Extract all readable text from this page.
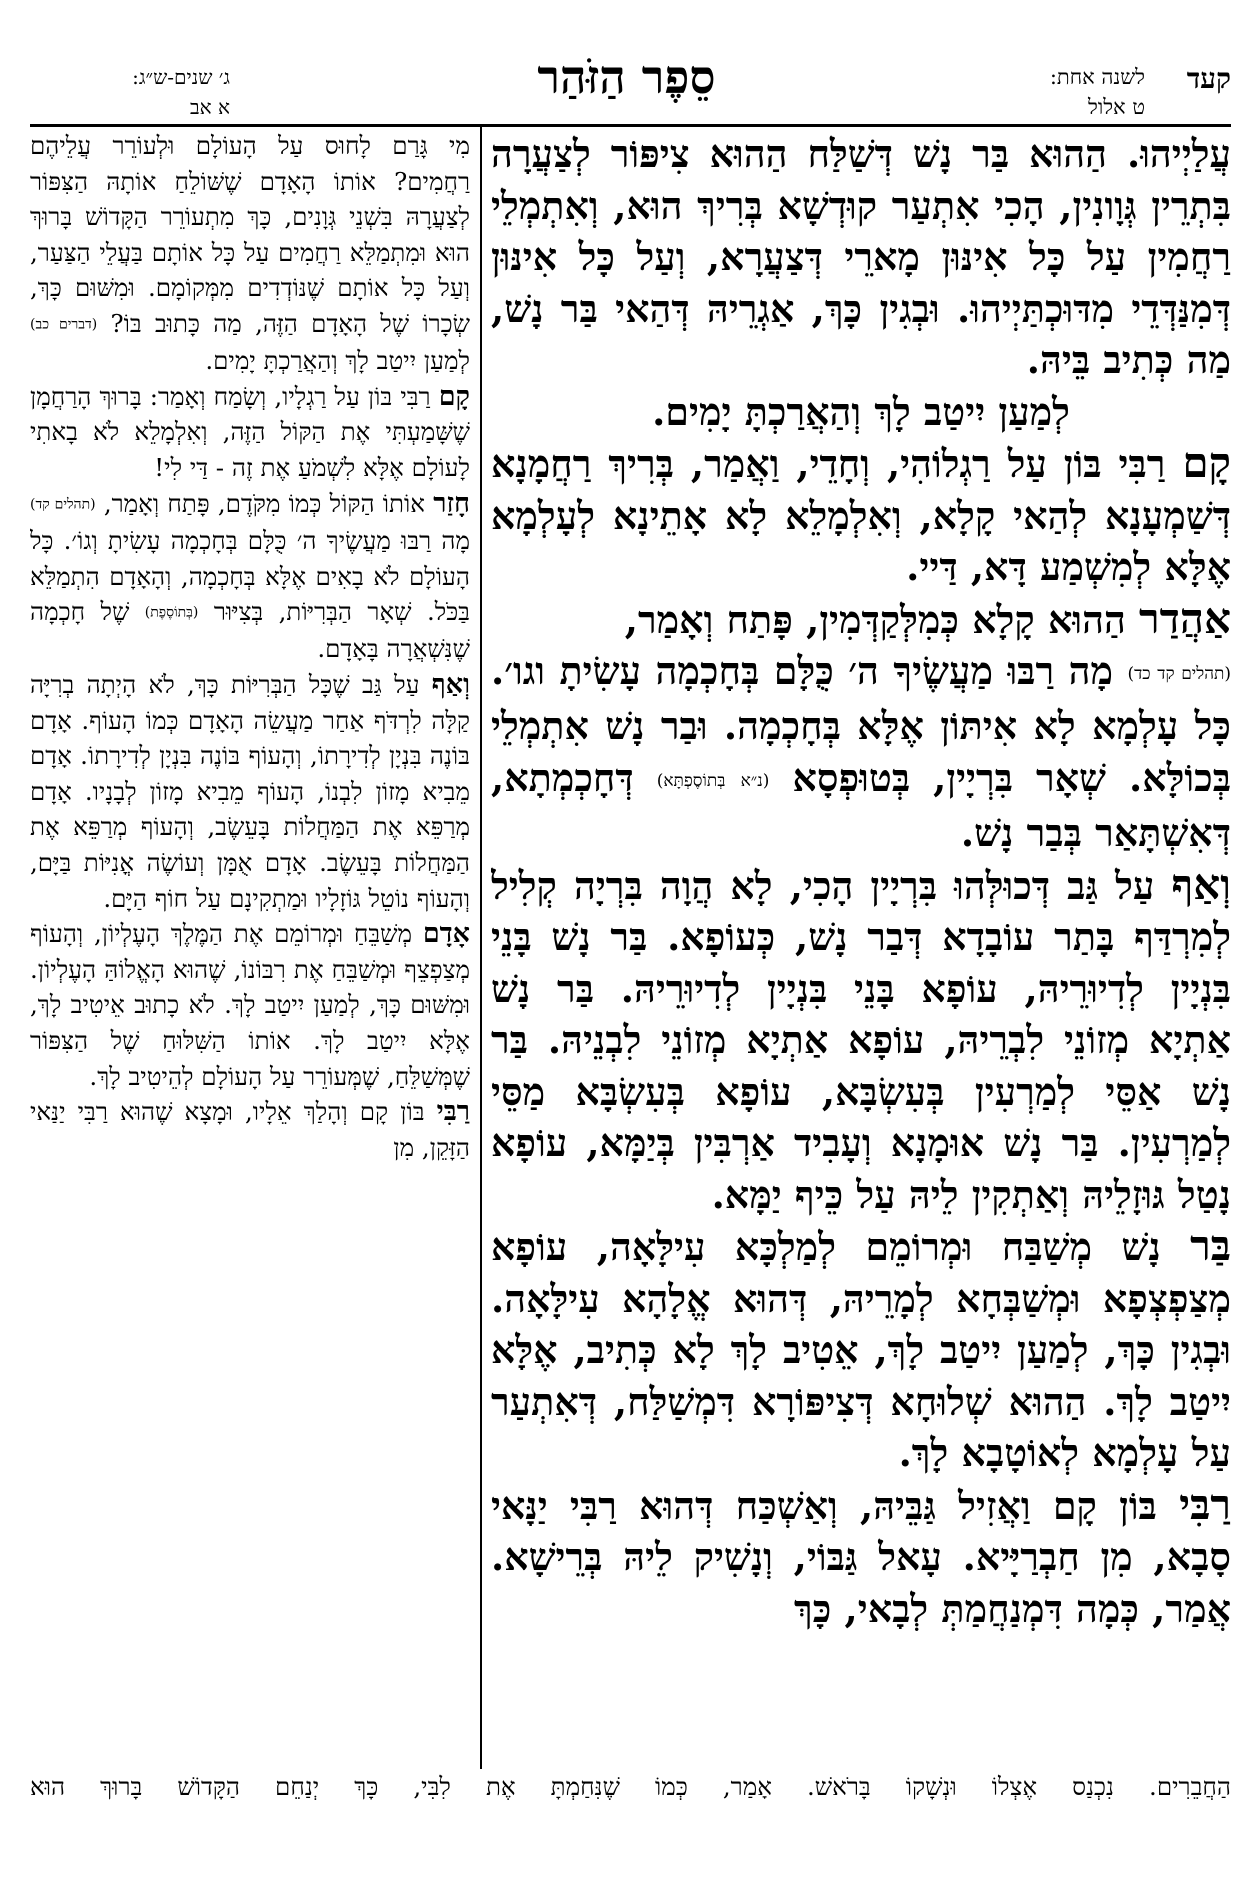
קעד
לשנה אחת:
ט אלול
סֵפֶר הַזֹּהַר
ג׳ שנים-ש״ג:
א אב

עֲלַיְיהוּ. הַהוּא בַּר נָשׁ דְּשַׁלַּח הַהוּא צִיפּוֹר לְצַעֲרָה בִּתְרֵין גְּוָונִין, הָכִי אִתְעַר קוּדְשָׁא בְּרִיךְ הוּא, וְאִתְמְלֵי רַחֲמִין עַל כָּל אִינּוּן מָארֵי דְּצַעֲרָא, וְעַל כָּל אִינּוּן דְּמִנַּדְּדֵי מִדּוּכְתַּיְיהוּ. וּבְגִין כָּךְ, אַגְרֵיהּ דְּהַאי בַּר נָשׁ, מַה כְּתִיב בֵּיהּ.

לְמַעַן יִיטַב לָךְ וְהַאֲרַכְתָּ יָמִים.

קָם רַבִּי בּוֹן עַל רַגְלוֹהִי, וְחָדֵי, וַאֲמַר, בְּרִיךְ רַחֲמָנָא דְּשַׁמְעָנָא לְהַאי קָלָא, וְאִלְמָלֵא לָא אָתֵינָא לְעָלְמָא אֶלָּא לְמִשְׁמַע דָּא, דַּיי.

אַהֲדַר הַהוּא קָלָא כְּמִלְּקַדְּמִין, פָּתַח וְאָמַר,
(תהלים קד כד) מָה רַבּוּ מַעֲשֶׂיךָ ה׳ כֻּלָּם בְּחָכְמָה עָשִׂיתָ וגו׳. כָּל עָלְמָא לָא אִיתּוֹן אֶלָּא בְּחָכְמָה. וּבַר נָשׁ אִתְמְלֵי בְּכוֹלָּא. שְׁאָר בִּרְיָין, בְּטוּפְסָא (נ״א בְּתוֹסֶפְתָּא) דְּחָכְמְתָא, דְּאִשְׁתָּאַר בְּבַר נָשׁ.

וְאַף עַל גַּב דְּכוּלְּהוּ בִּרְיָין הָכִי, לָא הֲוָה בִּרְיָה קְלִיל לְמִרְדַּף בָּתַר עוֹבָדָא דְּבַר נָשׁ, כְּעוֹפָא. בַּר נָשׁ בָּנֵי בִּנְיָין לְדִיוּרֵיהּ, עוֹפָא בָּנֵי בִּנְיָין לְדִיוּרֵיהּ. בַּר נָשׁ אַתְיָא מְזוֹנֵי לִבְרֵיהּ, עוֹפָא אַתְיָא מְזוֹנֵי לִבְנֵיהּ. בַּר נָשׁ אַסֵּי לְמַרְעִין בְּעִשְׂבָּא, עוֹפָא בְּעִשְׂבָּא מַסֵּי לְמַרְעִין. בַּר נָשׁ אוּמָנָא וְעָבִיד אַרְבִּין בְּיַמָּא, עוֹפָא נָטַל גּוּזָלֵיהּ וְאַתְקִין לֵיהּ עַל כֵּיף יַמָּא.

בַּר נָשׁ מְשַׁבַּח וּמְרוֹמֵם לְמַלְכָּא עִילָּאָה, עוֹפָא מְצַפְצְפָא וּמְשַׁבְּחָא לְמָרֵיהּ, דְּהוּא אֱלָהָא עִילָּאָה. וּבְגִין כָּךְ, לְמַעַן יִיטַב לָךְ, אֵטִיב לָךְ לָא כְּתִיב, אֶלָּא יִיטַב לָךְ. הַהוּא שְׁלוּחָא דְּצִיפּוֹרָא דִּמְשַׁלַּח, דְּאִתְעַר עַל עָלְמָא לְאוֹטָבָא לָךְ.

רַבִּי בּוֹן קָם וַאֲזִיל גַּבֵּיהּ, וְאַשְׁכַּח דְּהוּא רַבִּי יַנָּאי סָבָא, מִן חַבְרַיָּיא. עָאל גַּבּוֹי, וְנָשִׁיק לֵיהּ בְּרֵישָׁא. אֲמַר, כְּמָה דִּמְנַחֲמַתְּ לְבָאי, כָּךְ

מִי גָּרַם לָחוּס עַל הָעוֹלָם וּלְעוֹרֵר עֲלֵיהֶם רַחֲמִים? אוֹתוֹ הָאָדָם שֶׁשּׁוֹלֵחַ אוֹתָהּ הַצִּפּוֹר לְצַעֲרָהּ בִּשְׁנֵי גְּוָנִים, כָּךְ מִתְעוֹרֵר הַקָּדוֹשׁ בָּרוּךְ הוּא וּמִתְמַלֵּא רַחֲמִים עַל כָּל אוֹתָם בַּעֲלֵי הַצַּעַר, וְעַל כָּל אוֹתָם שֶׁנּוֹדְדִים מִמְּקוֹמָם. וּמִשּׁוּם כָּךְ, שְׂכָרוֹ שֶׁל הָאָדָם הַזֶּה, מַה כָּתוּב בּוֹ? (דברים כב) לְמַעַן יִיטַב לָךְ וְהַאֲרַכְתָּ יָמִים.

קָם רַבִּי בּוֹן עַל רַגְלָיו, וְשָׂמַח וְאָמַר: בָּרוּךְ הָרַחֲמָן שֶׁשָּׁמַעְתִּי אֶת הַקּוֹל הַזֶּה, וְאִלְמָלֵא לֹא בָאתִי לָעוֹלָם אֶלָּא לִשְׁמֹעַ אֶת זֶה - דַּי לִי!

חָזַר אוֹתוֹ הַקּוֹל כְּמוֹ מִקֹּדֶם, פָּתַח וְאָמַר, (תהלים קד) מָה רַבּוּ מַעֲשֶׂיךָ ה׳ כֻּלָּם בְּחָכְמָה עָשִׂיתָ וְגוֹ׳. כָּל הָעוֹלָם לֹא בָאִים אֶלָּא בְּחָכְמָה, וְהָאָדָם הִתְמַלֵּא בַּכֹּל. שְׁאָר הַבְּרִיּוֹת, בְּצִיּוּר (בְּתוֹסֶפֶת) שֶׁל חָכְמָה שֶׁנִּשְׁאֲרָה בָּאָדָם.

וְאַף עַל גַּב שֶׁכָּל הַבְּרִיּוֹת כָּךְ, לֹא הָיְתָה בְרִיָּה קַלָּה לִרְדֹּף אַחַר מַעֲשֵׂה הָאָדָם כְּמוֹ הָעוֹף. אָדָם בּוֹנֶה בִּנְיָן לְדִירָתוֹ, וְהָעוֹף בּוֹנֶה בִּנְיָן לְדִירָתוֹ. אָדָם מֵבִיא מָזוֹן לִבְנוֹ, הָעוֹף מֵבִיא מָזוֹן לְבָנָיו. אָדָם מְרַפֵּא אֶת הַמַּחֲלוֹת בָּעֵשֶׂב, וְהָעוֹף מְרַפֵּא אֶת הַמַּחֲלוֹת בָּעֵשֶׂב. אָדָם אֻמָּן וְעוֹשֶׂה אֳנִיּוֹת בַּיָּם, וְהָעוֹף נוֹטֵל גּוֹזָלָיו וּמַתְקִינָם עַל חוֹף הַיָּם.

אָדָם מְשַׁבֵּחַ וּמְרוֹמֵם אֶת הַמֶּלֶךְ הָעֶלְיוֹן, וְהָעוֹף מְצַפְצֵף וּמְשַׁבֵּחַ אֶת רִבּוֹנוֹ, שֶׁהוּא הָאֱלוֹהַּ הָעֶלְיוֹן. וּמִשּׁוּם כָּךְ, לְמַעַן יִיטַב לָךְ. לֹא כָתוּב אֵיטִיב לָךְ, אֶלָּא יִיטַב לָךְ. אוֹתוֹ הַשִּׁלּוּחַ שֶׁל הַצִּפּוֹר שֶׁמְּשַׁלֵּחַ, שֶׁמְּעוֹרֵר עַל הָעוֹלָם לְהֵיטִיב לָךְ.

רַבִּי בּוֹן קָם וְהָלַךְ אֵלָיו, וּמָצָא שֶׁהוּא רַבִּי יַנַּאי הַזָּקֵן, מִן

הַחֲבֵרִים. נִכְנַס אֶצְלוֹ וּנְשָׁקוֹ בָּרֹאשׁ. אָמַר, כְּמוֹ שֶׁנִּחַמְתָּ אֶת לִבִּי, כָּךְ יְנַחֵם הַקָּדוֹשׁ בָּרוּךְ הוּא
